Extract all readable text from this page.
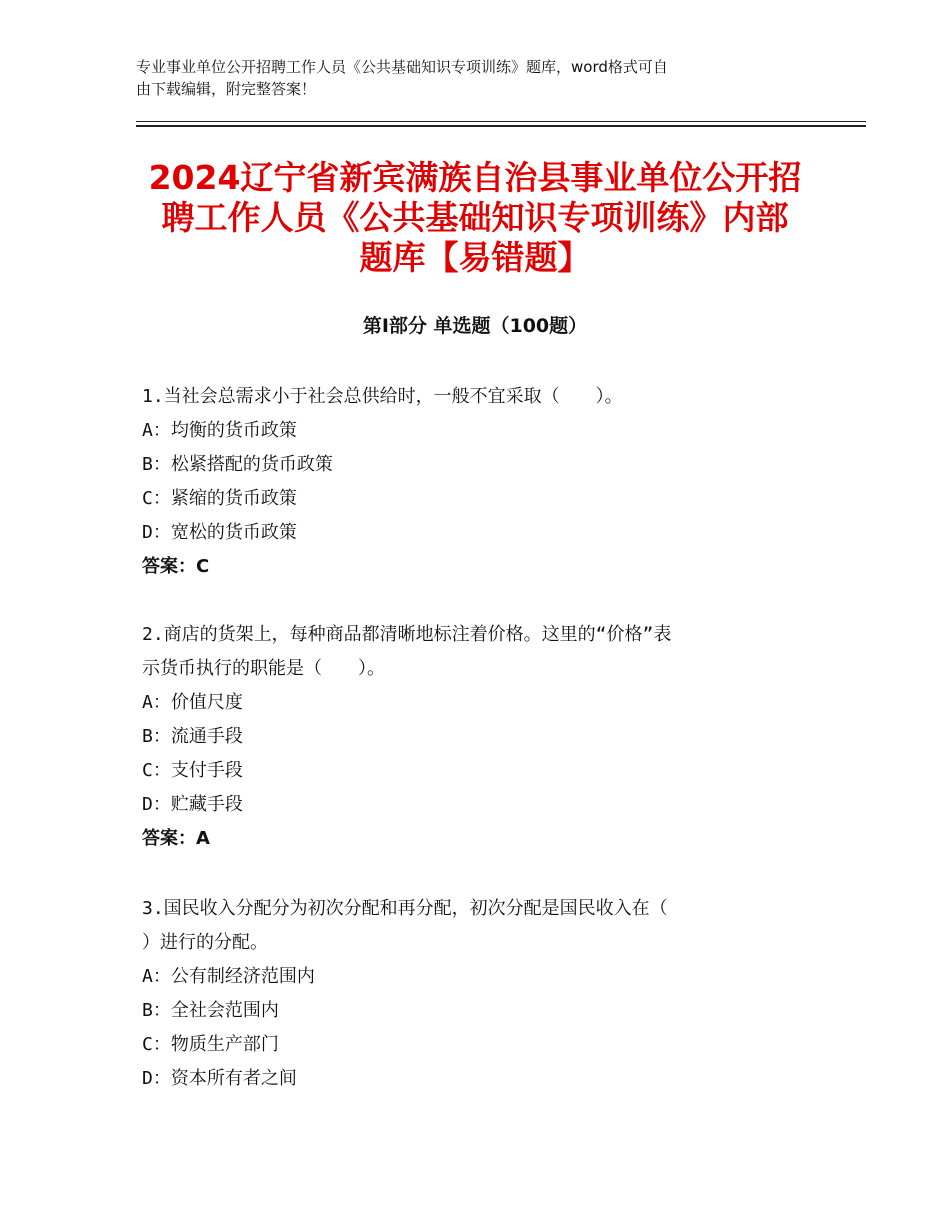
专业事业单位公开招聘工作人员《公共基础知识专项训练》题库，word格式可自
由下载编辑，附完整答案！
2024辽宁省新宾满族自治县事业单位公开招
聘工作人员《公共基础知识专项训练》内部
题库【易错题】
第Ⅰ部分 单选题（100题）
1.当社会总需求小于社会总供给时，一般不宜采取（　　）。
A：均衡的货币政策
B：松紧搭配的货币政策
C：紧缩的货币政策
D：宽松的货币政策
答案：C
2.商店的货架上，每种商品都清晰地标注着价格。这里的“价格”表
示货币执行的职能是（　　）。
A：价值尺度
B：流通手段
C：支付手段
D：贮藏手段
答案：A
3.国民收入分配分为初次分配和再分配，初次分配是国民收入在（
）进行的分配。
A：公有制经济范围内
B：全社会范围内
C：物质生产部门
D：资本所有者之间
